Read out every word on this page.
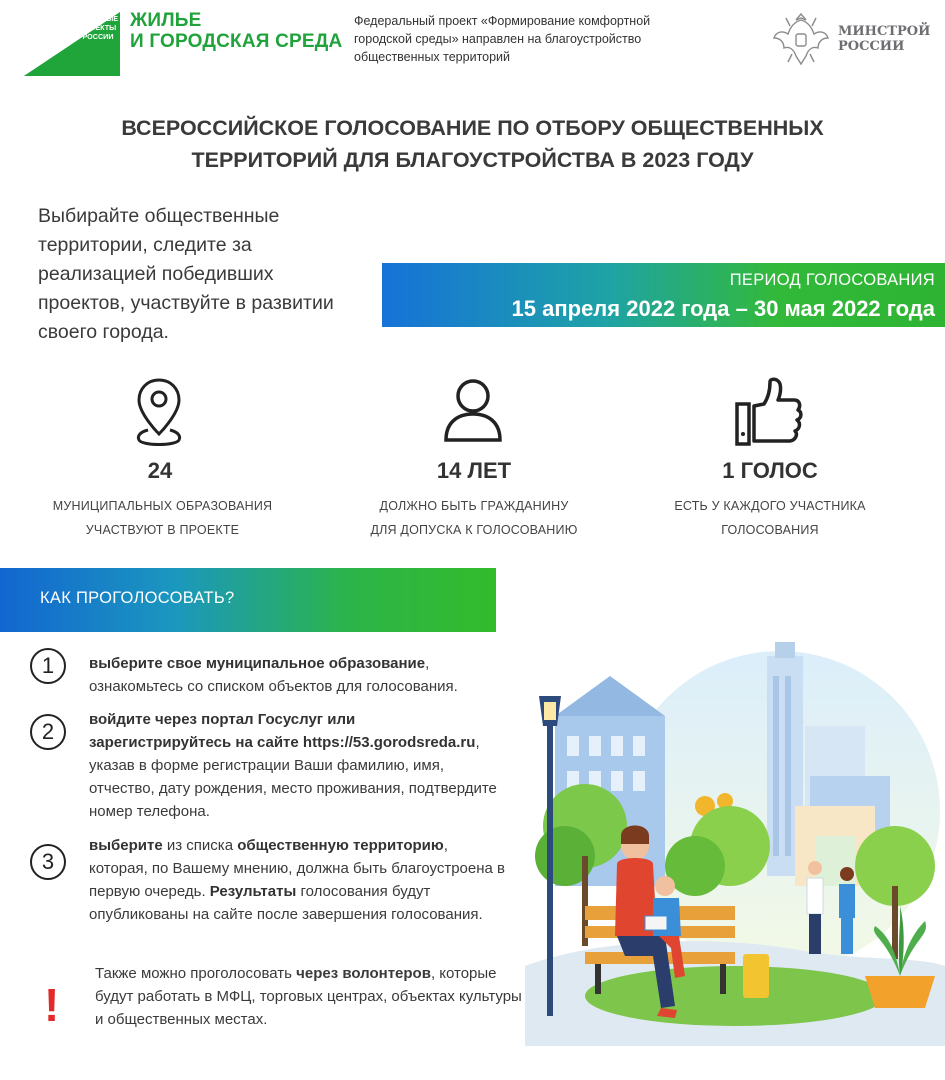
НАЦИОНАЛЬНЫЕ
ПРОЕКТЫ
РОССИИ
ЖИЛЬЕ
И ГОРОДСКАЯ СРЕДА
Федеральный проект «Формирование комфортной городской среды» направлен на благоустройство общественных территорий
МИНСТРОЙ
РОССИИ
ВСЕРОССИЙСКОЕ ГОЛОСОВАНИЕ ПО ОТБОРУ ОБЩЕСТВЕННЫХ
ТЕРРИТОРИЙ ДЛЯ БЛАГОУСТРОЙСТВА В 2023 ГОДУ
Выбирайте общественные территории, следите за реализацией победивших проектов, участвуйте в развитии своего города.
ПЕРИОД ГОЛОСОВАНИЯ
15 апреля 2022 года – 30 мая 2022 года
24
МУНИЦИПАЛЬНЫХ ОБРАЗОВАНИЯ
УЧАСТВУЮТ В ПРОЕКТЕ
14 ЛЕТ
ДОЛЖНО БЫТЬ ГРАЖДАНИНУ
ДЛЯ ДОПУСКА К ГОЛОСОВАНИЮ
1 ГОЛОС
ЕСТЬ У КАЖДОГО УЧАСТНИКА
ГОЛОСОВАНИЯ
КАК ПРОГОЛОСОВАТЬ?
1	выберите свое муниципальное образование,
ознакомьтесь со списком объектов для голосования.
2	войдите через портал Госуслуг или
зарегистрируйтесь на сайте https://53.gorodsreda.ru,
указав в форме регистрации Ваши фамилию, имя, отчество, дату рождения, место проживания, подтвердите номер телефона.
3
выберите из списка общественную территорию, которая, по Вашему мнению, должна быть благоустроена в первую очередь. Результаты голосования будут опубликованы на сайте после завершения голосования.
!
Также можно проголосовать через волонтеров, которые будут работать в МФЦ, торговых центрах, объектах культуры и общественных местах.
